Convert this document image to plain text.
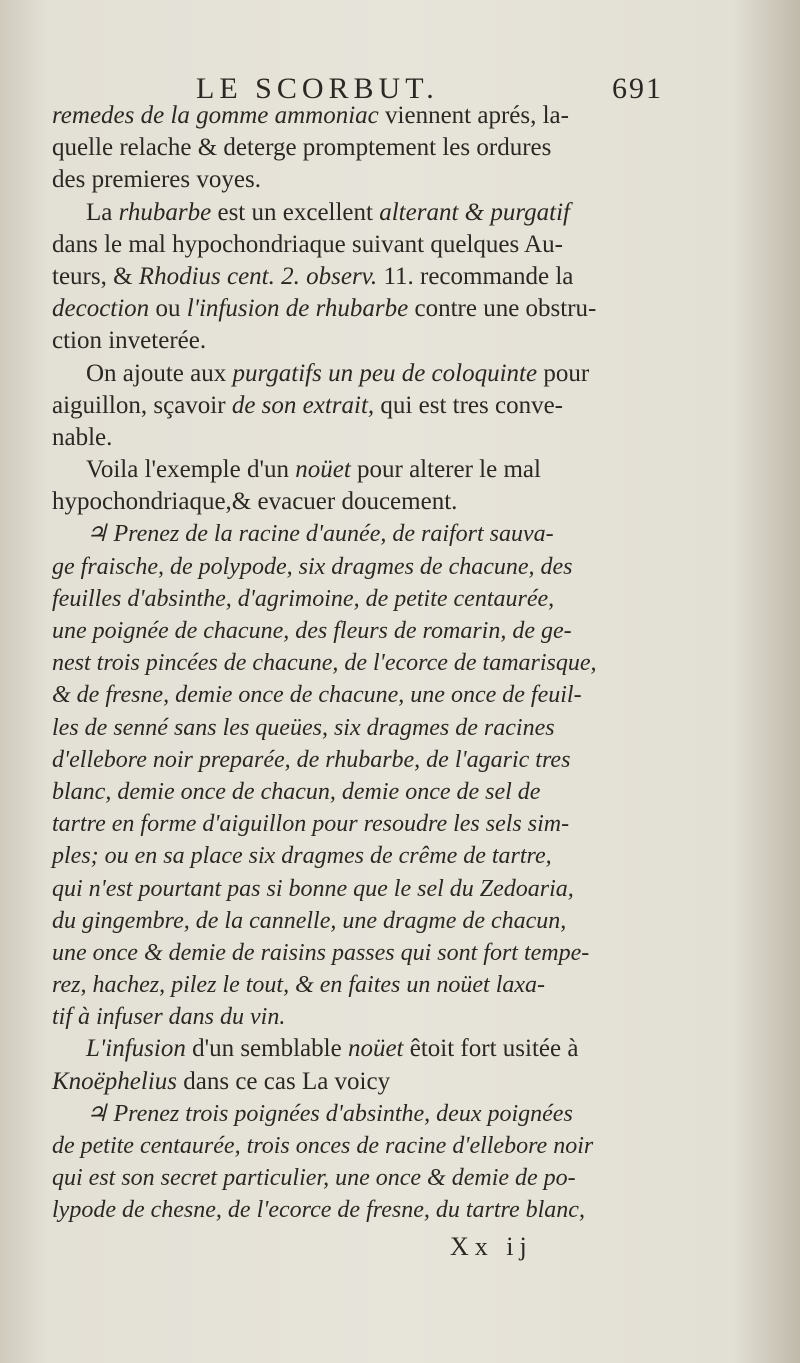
LE SCORBUT.	691
remedes de la gomme ammoniac viennent aprés, la-
quelle relache & deterge promptement les ordures
des premieres voyes.
La rhubarbe est un excellent alterant & purgatif
dans le mal hypochondriaque suivant quelques Au-
teurs, & Rhodius cent. 2. observ. 11. recommande la
decoction ou l'infusion de rhubarbe contre une obstru-
ction inveterée.
On ajoute aux purgatifs un peu de coloquinte pour
aiguillon, sçavoir de son extrait, qui est tres conve-
nable.
Voila l'exemple d'un noüet pour alterer le mal
hypochondriaque,& evacuer doucement.
♃ Prenez de la racine d'aunée, de raifort sauva-
ge fraische, de polypode, six dragmes de chacune, des
feuilles d'absinthe, d'agrimoine, de petite centaurée,
une poignée de chacune, des fleurs de romarin, de ge-
nest trois pincées de chacune, de l'ecorce de tamarisque,
& de fresne, demie once de chacune, une once de feuil-
les de senné sans les queües, six dragmes de racines
d'ellebore noir preparée, de rhubarbe, de l'agaric tres
blanc, demie once de chacun, demie once de sel de
tartre en forme d'aiguillon pour resoudre les sels sim-
ples; ou en sa place six dragmes de crême de tartre,
qui n'est pourtant pas si bonne que le sel du Zedoaria,
du gingembre, de la cannelle, une dragme de chacun,
une once & demie de raisins passes qui sont fort tempe-
rez, hachez, pilez le tout, & en faites un noüet laxa-
tif à infuser dans du vin.
L'infusion d'un semblable noüet êtoit fort usitée à
Knoëphelius dans ce cas La voicy
♃ Prenez trois poignées d'absinthe, deux poignées
de petite centaurée, trois onces de racine d'ellebore noir
qui est son secret particulier, une once & demie de po-
lypode de chesne, de l'ecorce de fresne, du tartre blanc,
Xx ij
